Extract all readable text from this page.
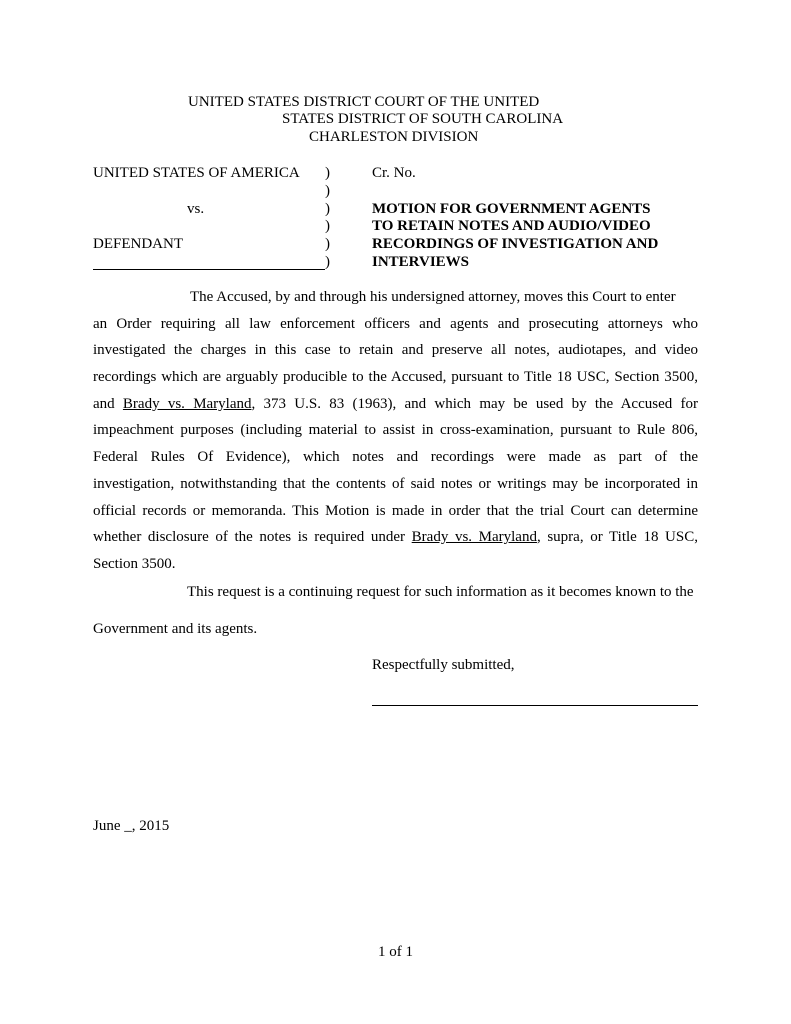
UNITED STATES DISTRICT COURT OF THE UNITED
STATES DISTRICT OF SOUTH CAROLINA
CHARLESTON DIVISION
UNITED STATES OF AMERICA
vs.
DEFENDANT
)
)
)
)
)
)
Cr. No.
MOTION FOR GOVERNMENT AGENTS
TO RETAIN NOTES AND AUDIO/VIDEO
RECORDINGS OF INVESTIGATION AND
INTERVIEWS
The Accused, by and through his undersigned attorney, moves this Court to enter
an Order requiring all law enforcement officers and agents and prosecuting attorneys who
investigated the charges in this case to retain and preserve all notes, audiotapes, and video
recordings which are arguably producible to the Accused, pursuant to Title 18 USC, Section 3500,
and Brady vs. Maryland, 373 U.S. 83 (1963), and which may be used by the Accused for
impeachment purposes (including material to assist in cross-examination, pursuant to Rule 806,
Federal Rules Of Evidence), which notes and recordings were made as part of the
investigation, notwithstanding that the contents of said notes or writings may be incorporated in
official records or memoranda. This Motion is made in order that the trial Court can determine
whether disclosure of the notes is required under Brady vs. Maryland, supra, or Title 18 USC,
Section 3500.
This request is a continuing request for such information as it becomes known to the
Government and its agents.
Respectfully submitted,
June _, 2015
1 of 1
